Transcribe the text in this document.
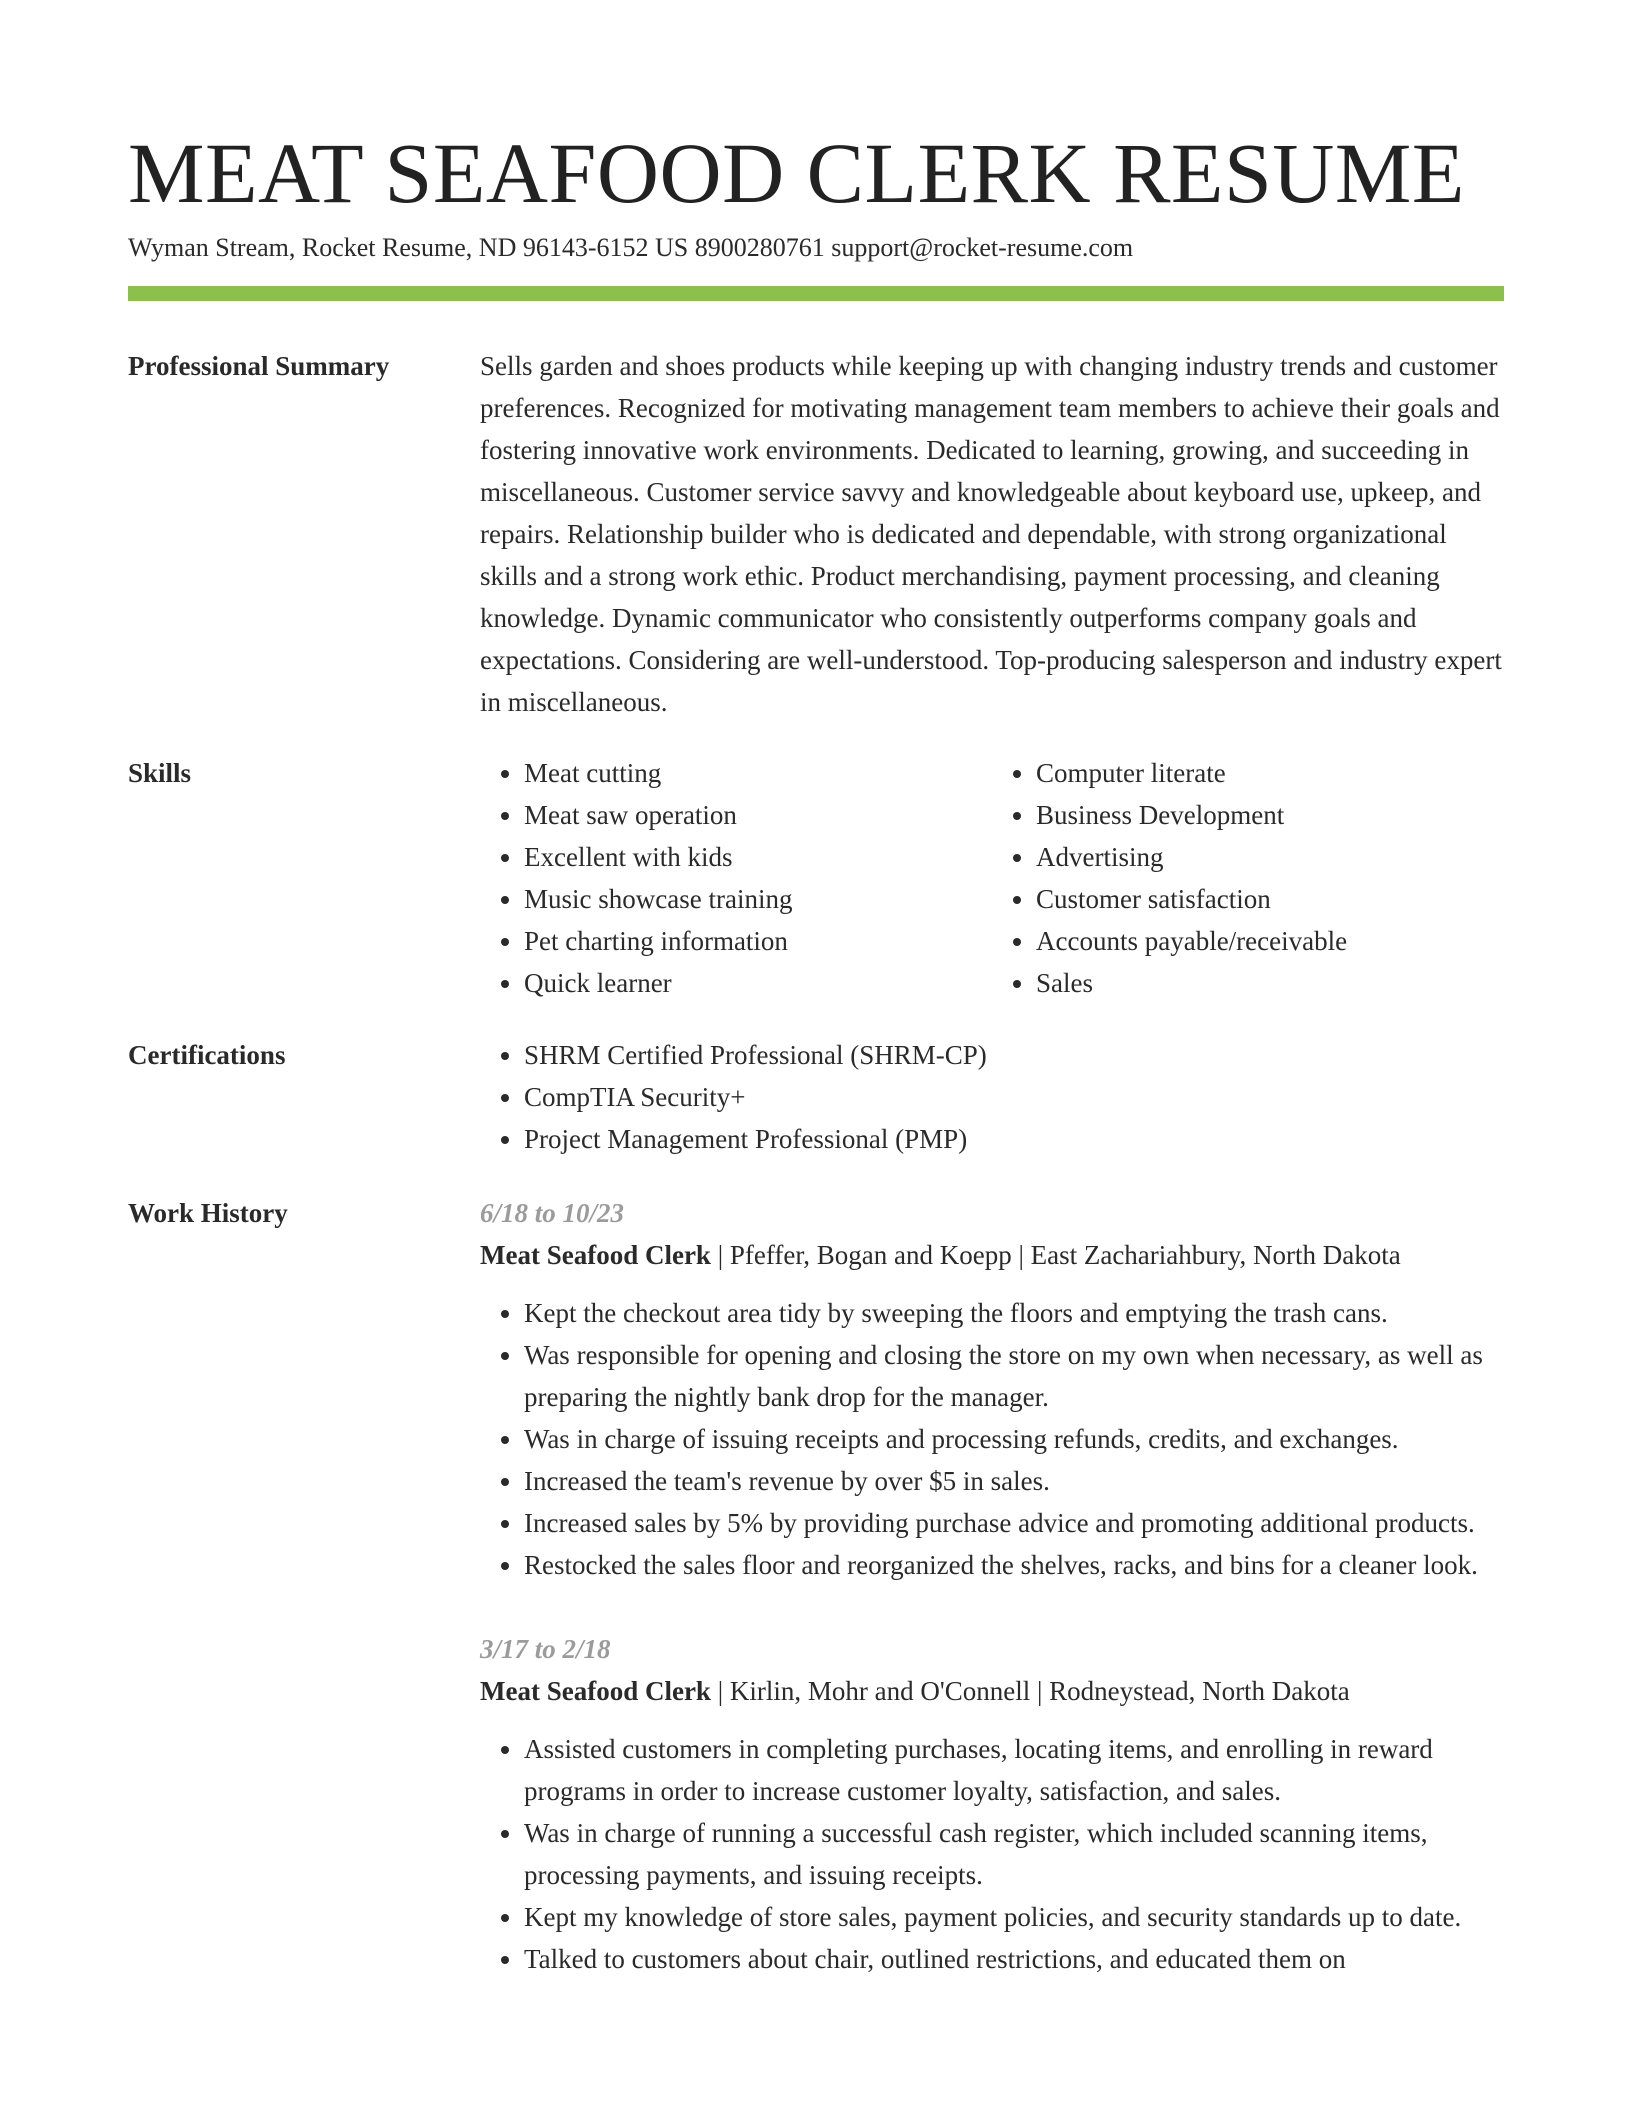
MEAT SEAFOOD CLERK RESUME
Wyman Stream, Rocket Resume, ND 96143-6152 US 8900280761 support@rocket-resume.com
Professional Summary	Sells garden and shoes products while keeping up with changing industry trends and customer preferences. Recognized for motivating management team members to achieve their goals and fostering innovative work environments. Dedicated to learning, growing, and succeeding in miscellaneous. Customer service savvy and knowledgeable about keyboard use, upkeep, and repairs. Relationship builder who is dedicated and dependable, with strong organizational skills and a strong work ethic. Product merchandising, payment processing, and cleaning knowledge. Dynamic communicator who consistently outperforms company goals and expectations. Considering are well-understood. Top-producing salesperson and industry expert in miscellaneous.

Skills	• Meat cutting
• Meat saw operation
• Excellent with kids
• Music showcase training
• Pet charting information
• Quick learner
• Computer literate
• Business Development
• Advertising
• Customer satisfaction
• Accounts payable/receivable
• Sales
Certifications	• SHRM Certified Professional (SHRM-CP)
• CompTIA Security+
• Project Management Professional (PMP)
Work History	6/18 to 10/23
Meat Seafood Clerk | Pfeffer, Bogan and Koepp | East Zachariahbury, North Dakota
• Kept the checkout area tidy by sweeping the floors and emptying the trash cans.
• Was responsible for opening and closing the store on my own when necessary, as well as preparing the nightly bank drop for the manager.
• Was in charge of issuing receipts and processing refunds, credits, and exchanges.
• Increased the team's revenue by over $5 in sales.
• Increased sales by 5% by providing purchase advice and promoting additional products.
• Restocked the sales floor and reorganized the shelves, racks, and bins for a cleaner look.
3/17 to 2/18
Meat Seafood Clerk | Kirlin, Mohr and O'Connell | Rodneystead, North Dakota
• Assisted customers in completing purchases, locating items, and enrolling in reward programs in order to increase customer loyalty, satisfaction, and sales.
• Was in charge of running a successful cash register, which included scanning items, processing payments, and issuing receipts.
• Kept my knowledge of store sales, payment policies, and security standards up to date.
• Talked to customers about chair, outlined restrictions, and educated them on
